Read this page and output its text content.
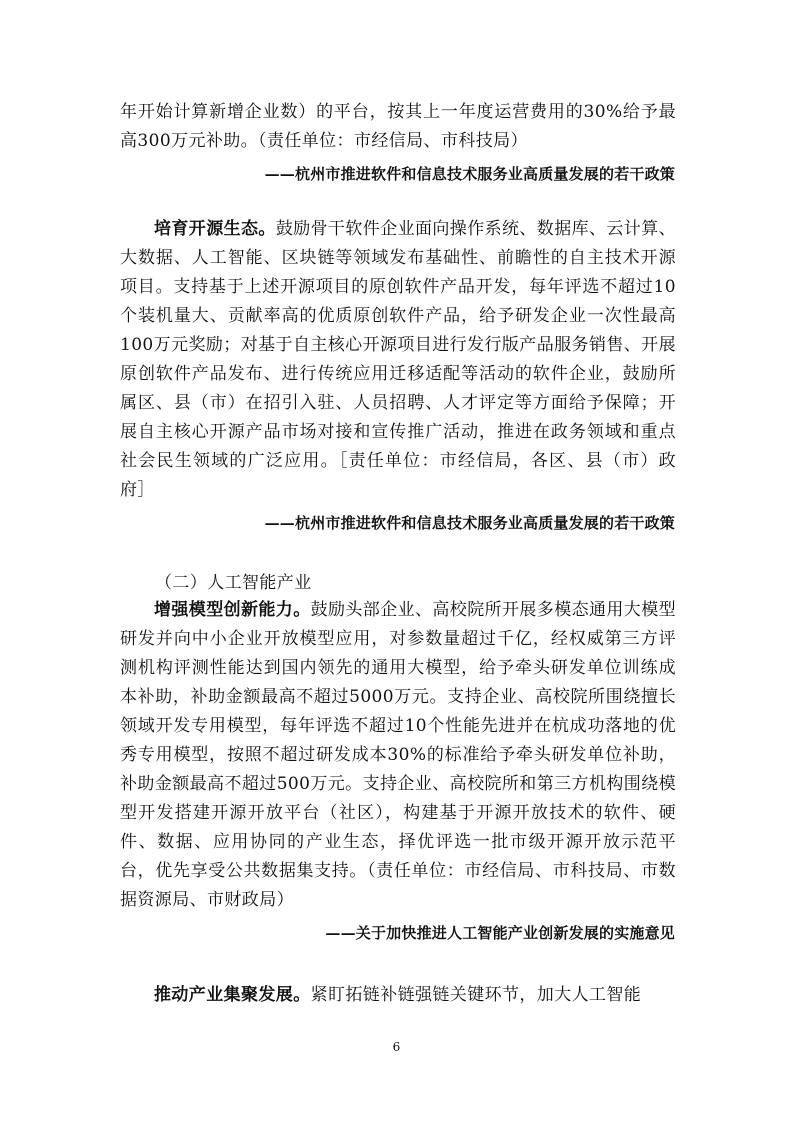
年开始计算新增企业数）的平台，按其上一年度运营费用的30%给予最高300万元补助。（责任单位：市经信局、市科技局）
——杭州市推进软件和信息技术服务业高质量发展的若干政策
培育开源生态。鼓励骨干软件企业面向操作系统、数据库、云计算、大数据、人工智能、区块链等领域发布基础性、前瞻性的自主技术开源项目。支持基于上述开源项目的原创软件产品开发，每年评选不超过10个装机量大、贡献率高的优质原创软件产品，给予研发企业一次性最高100万元奖励；对基于自主核心开源项目进行发行版产品服务销售、开展原创软件产品发布、进行传统应用迁移适配等活动的软件企业，鼓励所属区、县（市）在招引入驻、人员招聘、人才评定等方面给予保障；开展自主核心开源产品市场对接和宣传推广活动，推进在政务领域和重点社会民生领域的广泛应用。［责任单位：市经信局，各区、县（市）政府］
——杭州市推进软件和信息技术服务业高质量发展的若干政策
（二）人工智能产业
增强模型创新能力。鼓励头部企业、高校院所开展多模态通用大模型研发并向中小企业开放模型应用，对参数量超过千亿，经权威第三方评测机构评测性能达到国内领先的通用大模型，给予牵头研发单位训练成本补助，补助金额最高不超过5000万元。支持企业、高校院所围绕擅长领域开发专用模型，每年评选不超过10个性能先进并在杭成功落地的优秀专用模型，按照不超过研发成本30%的标准给予牵头研发单位补助，补助金额最高不超过500万元。支持企业、高校院所和第三方机构围绕模型开发搭建开源开放平台（社区），构建基于开源开放技术的软件、硬件、数据、应用协同的产业生态，择优评选一批市级开源开放示范平台，优先享受公共数据集支持。（责任单位：市经信局、市科技局、市数据资源局、市财政局）
——关于加快推进人工智能产业创新发展的实施意见
推动产业集聚发展。紧盯拓链补链强链关键环节，加大人工智能
6
